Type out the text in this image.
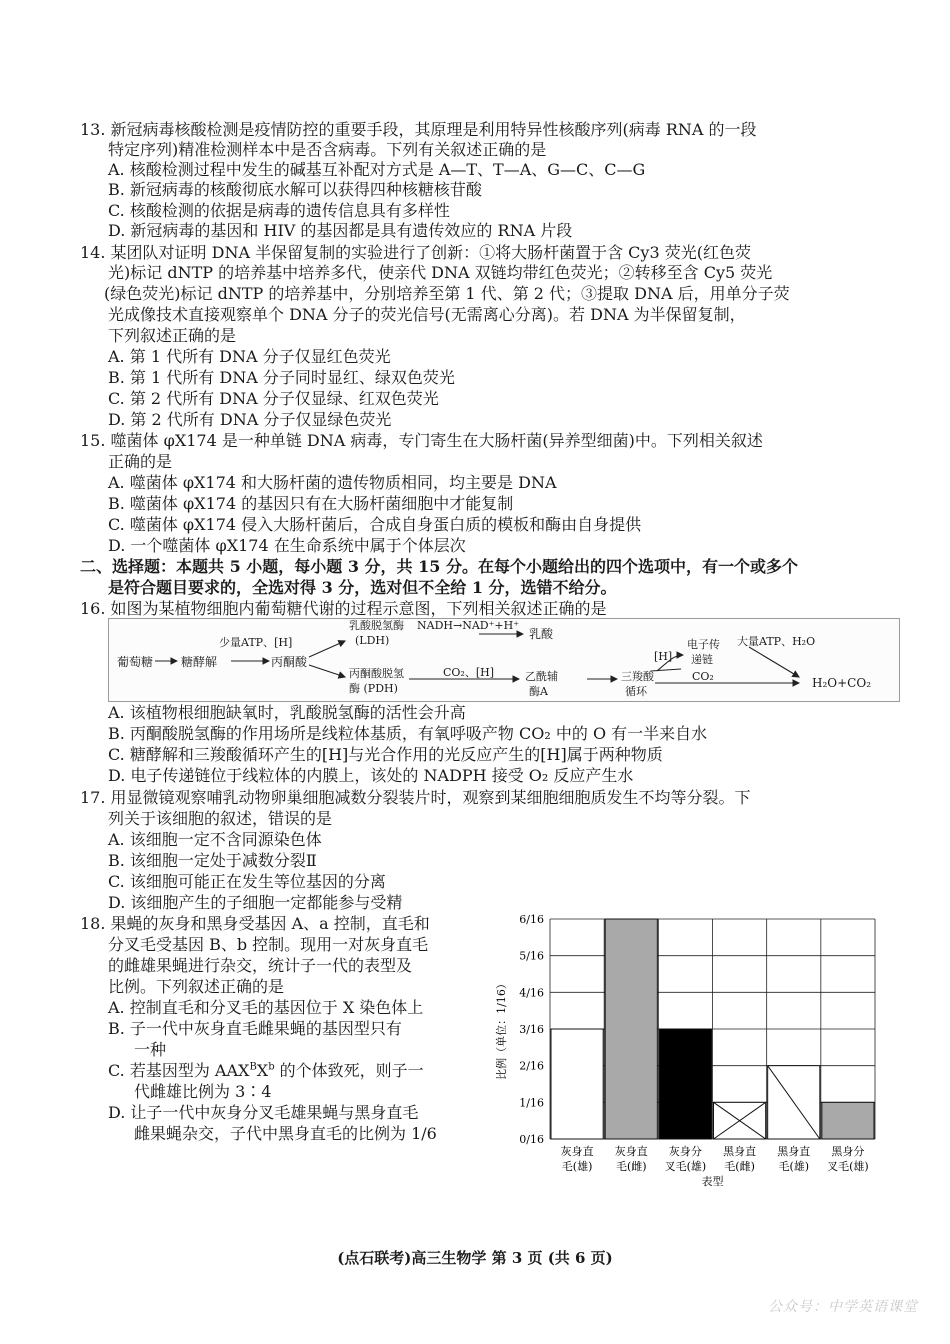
13. 新冠病毒核酸检测是疫情防控的重要手段，其原理是利用特异性核酸序列(病毒 RNA 的一段
特定序列)精准检测样本中是否含病毒。下列有关叙述正确的是
A. 核酸检测过程中发生的碱基互补配对方式是 A—T、T—A、G—C、C—G
B. 新冠病毒的核酸彻底水解可以获得四种核糖核苷酸
C. 核酸检测的依据是病毒的遗传信息具有多样性
D. 新冠病毒的基因和 HIV 的基因都是具有遗传效应的 RNA 片段
14. 某团队对证明 DNA 半保留复制的实验进行了创新：①将大肠杆菌置于含 Cy3 荧光(红色荧
光)标记 dNTP 的培养基中培养多代，使亲代 DNA 双链均带红色荧光；②转移至含 Cy5 荧光
(绿色荧光)标记 dNTP 的培养基中，分别培养至第 1 代、第 2 代；③提取 DNA 后，用单分子荧
光成像技术直接观察单个 DNA 分子的荧光信号(无需离心分离)。若 DNA 为半保留复制，
下列叙述正确的是
A. 第 1 代所有 DNA 分子仅显红色荧光
B. 第 1 代所有 DNA 分子同时显红、绿双色荧光
C. 第 2 代所有 DNA 分子仅显绿、红双色荧光
D. 第 2 代所有 DNA 分子仅显绿色荧光
15. 噬菌体 φX174 是一种单链 DNA 病毒，专门寄生在大肠杆菌(异养型细菌)中。下列相关叙述
正确的是
A. 噬菌体 φX174 和大肠杆菌的遗传物质相同，均主要是 DNA
B. 噬菌体 φX174 的基因只有在大肠杆菌细胞中才能复制
C. 噬菌体 φX174 侵入大肠杆菌后，合成自身蛋白质的模板和酶由自身提供
D. 一个噬菌体 φX174 在生命系统中属于个体层次
二、选择题：本题共 5 小题，每小题 3 分，共 15 分。在每个小题给出的四个选项中，有一个或多个
是符合题目要求的，全选对得 3 分，选对但不全给 1 分，选错不给分。
16. 如图为某植物细胞内葡萄糖代谢的过程示意图，下列相关叙述正确的是
葡萄糖 糖酵解
少量ATP、[H]
丙酮酸
乳酸脱氢酶
(LDH)
NADH→NAD⁺+H⁺
乳酸
丙酮酸脱氢
酶 (PDH)
CO₂、[H]	乙酰辅
酶A
三羧酸
循环
[H]
电子传
递链
大量ATP、H₂O
CO₂	H₂O+CO₂
A. 该植物根细胞缺氧时，乳酸脱氢酶的活性会升高
B. 丙酮酸脱氢酶的作用场所是线粒体基质，有氧呼吸产物 CO₂ 中的 O 有一半来自水
C. 糖酵解和三羧酸循环产生的[H]与光合作用的光反应产生的[H]属于两种物质
D. 电子传递链位于线粒体的内膜上，该处的 NADPH 接受 O₂ 反应产生水
17. 用显微镜观察哺乳动物卵巢细胞减数分裂装片时，观察到某细胞细胞质发生不均等分裂。下
列关于该细胞的叙述，错误的是
A. 该细胞一定不含同源染色体
B. 该细胞一定处于减数分裂Ⅱ
C. 该细胞可能正在发生等位基因的分离
D. 该细胞产生的子细胞一定都能参与受精
18. 果蝇的灰身和黑身受基因 A、a 控制，直毛和
分叉毛受基因 B、b 控制。现用一对灰身直毛
的雌雄果蝇进行杂交，统计子一代的表型及
比例。下列叙述正确的是
A. 控制直毛和分叉毛的基因位于 X 染色体上
B. 子一代中灰身直毛雌果蝇的基因型只有
一种
C. 若基因型为 $AAX^BX^b$ 的个体致死，则子一
代雌雄比例为 3∶4
D. 让子一代中灰身分叉毛雄果蝇与黑身直毛
雌果蝇杂交，子代中黑身直毛的比例为 1/6	0/16
1/16
2/16
3/16
4/16
5/16
6/16
灰身直
毛(雄)
灰身直
毛(雌)
灰身分
叉毛(雄)
黑身直
毛(雌)
黑身直
毛(雄)
黑身分
叉毛(雄)
表型
比例（单位：1/16）
(点石联考)高三生物学 第 3 页 (共 6 页)
公众号：中学英语课堂
